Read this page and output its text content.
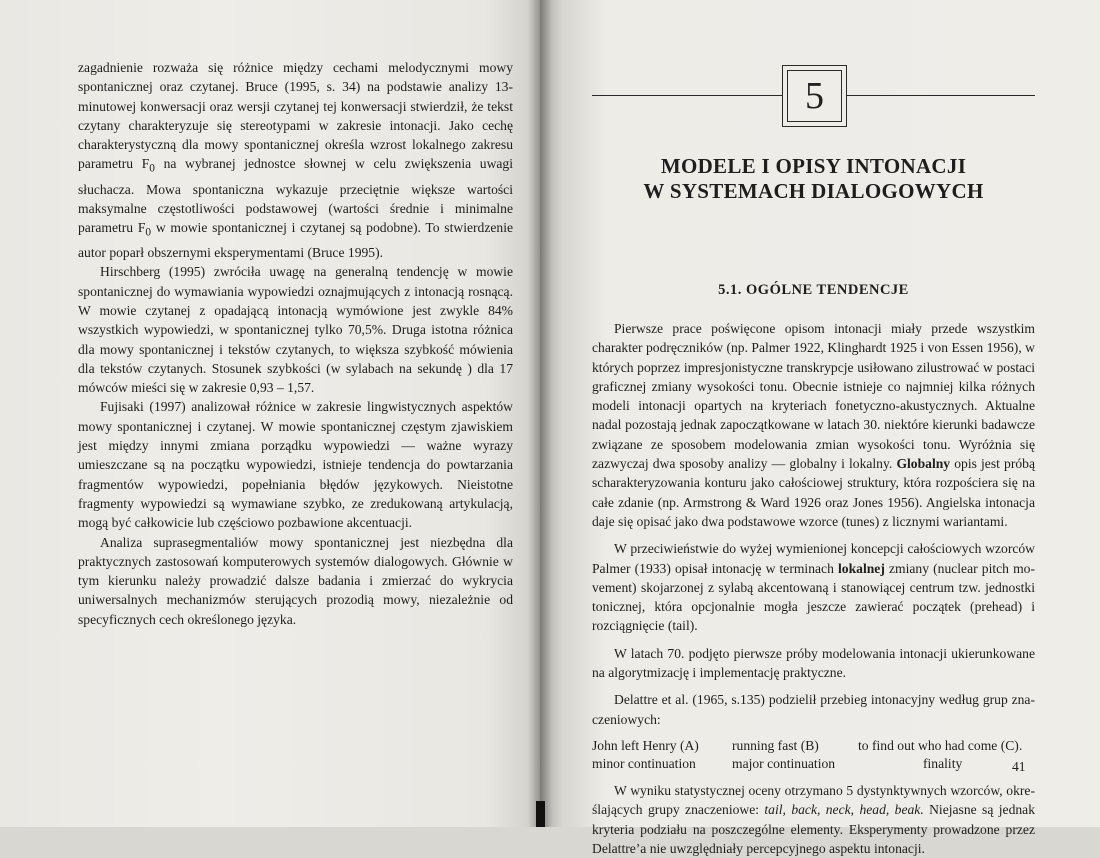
zagadnienie rozważa się różnice między cechami melodycznymi mowy spontanicznej oraz czytanej. Bruce (1995, s. 34) na podstawie analizy 13-minutowej konwersacji oraz wersji czytanej tej konwersacji stwierdził, że tekst czytany charakteryzuje się stereotypami w zakresie intonacji. Jako cechę charakterystyczną dla mowy spontanicznej określa wzrost lokalnego zakresu parametru $F_0$ na wybranej jednostce słownej w celu zwiększenia uwagi słuchacza. Mowa spontaniczna wykazuje przeciętnie większe wartości maksymalne częstotliwości podstawowej (wartości średnie i minimalne parametru $F_0$ w mowie spontanicznej i czytanej są podobne). To stwierdzenie autor poparł obszernymi eksperymentami (Bruce 1995).

Hirschberg (1995) zwróciła uwagę na generalną tendencję w mowie spontanicznej do wymawiania wypowiedzi oznajmujących z intonacją rosnącą. W mowie czytanej z opadającą intonacją wymówione jest zwykle 84% wszystkich wypowiedzi, w spontanicznej tylko 70,5%. Druga istotna różnica dla mowy spontanicznej i tekstów czytanych, to większa szybkość mówienia dla tekstów czytanych. Stosunek szybkości (w sylabach na sekundę ) dla 17 mówców mieści się w zakresie 0,93 – 1,57.

Fujisaki (1997) analizował różnice w zakresie lingwistycznych aspektów mowy spontanicznej i czytanej. W mowie spontanicznej częstym zjawiskiem jest między innymi zmiana porządku wypowiedzi — ważne wyrazy umieszczane są na początku wypowiedzi, istnieje tendencja do powtarzania fragmentów wypowiedzi, popełniania błędów językowych. Nieistotne fragmenty wypowiedzi są wymawiane szybko, ze zredukowaną artykulacją, mogą być całkowicie lub częściowo pozbawione akcentuacji.

Analiza suprasegmentaliów mowy spontanicznej jest niezbędna dla praktycznych zastosowań komputerowych systemów dialogowych. Głównie w tym kierunku należy prowadzić dalsze badania i zmierzać do wykrycia uniwersalnych mechanizmów sterujących prozodią mowy, niezależnie od specyficznych cech określonego języka.

5
MODELE I OPISY INTONACJI
W SYSTEMACH DIALOGOWYCH
5.1. OGÓLNE TENDENCJE

Pierwsze prace poświęcone opisom intonacji miały przede wszystkim charakter podręczników (np. Palmer 1922, Klinghardt 1925 i von Essen 1956), w których poprzez impresjonistyczne transkrypcje usiłowano zilustrować w postaci graficznej zmiany wysokości tonu. Obecnie istnieje co najmniej kilka różnych modeli intonacji opartych na kryteriach fonetyczno-akustycznych. Aktualne nadal pozostają jednak zapoczątkowane w latach 30. niektóre kierunki badawcze związane ze sposobem modelowania zmian wysokości tonu. Wyróżnia się zazwyczaj dwa sposoby analizy — globalny i lokalny. Globalny opis jest próbą scharakteryzowania konturu jako całościowej struktury, która rozpościera się na całe zdanie (np. Armstrong & Ward 1926 oraz Jones 1956). Angielska intonacja daje się opisać jako dwa podstawowe wzorce (tunes) z licznymi wariantami.

W przeciwieństwie do wyżej wymienionej koncepcji całościowych wzorców Palmer (1933) opisał intonację w terminach lokalnej zmiany (nuclear pitch movement) skojarzonej z sylabą akcentowaną i stanowiącej centrum tzw. jednostki tonicznej, która opcjonalnie mogła jeszcze zawierać początek (prehead) i rozciągnięcie (tail).

W latach 70. podjęto pierwsze próby modelowania intonacji ukierunkowane na algorytmizację i implementację praktyczne.

Delattre et al. (1965, s.135) podzielił przebieg intonacyjny według grup znaczeniowych:

John left Henry (A)	running fast (B)	to find out who had come (C).
minor continuation	major continuation	finality

W wyniku statystycznej oceny otrzymano 5 dystynktywnych wzorców, określających grupy znaczeniowe: tail, back, neck, head, beak. Niejasne są jednak kryteria podziału na poszczególne elementy. Eksperymenty prowadzone przez Delattre’a nie uwzględniały percepcyjnego aspektu intonacji.

41
